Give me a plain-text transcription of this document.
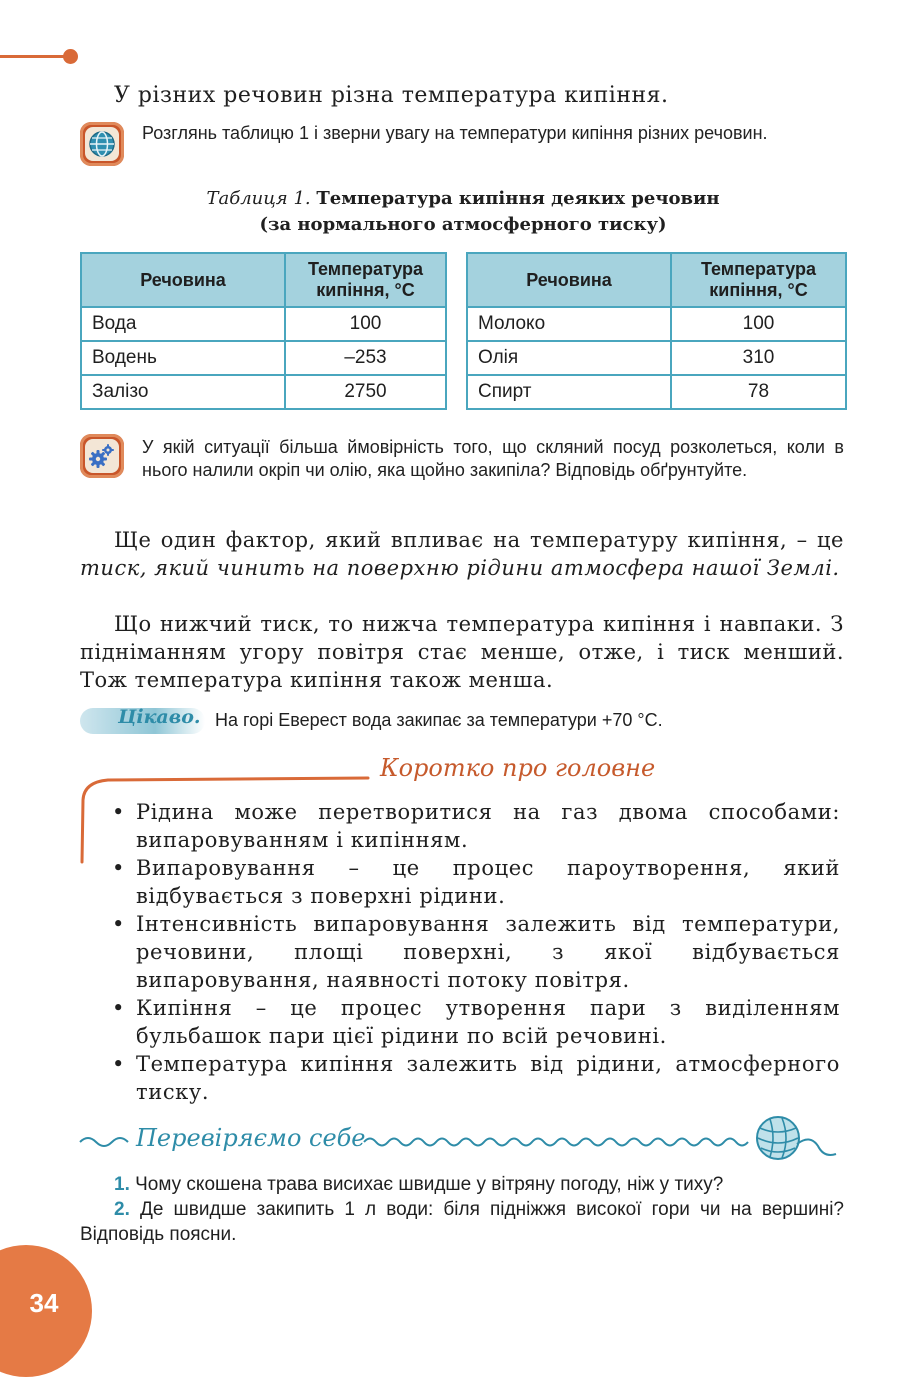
У різних речовин різна температура кипіння.
Розглянь таблицю 1 і зверни увагу на температури кипіння різних речовин.
Таблиця 1. Температура кипіння деяких речовин
(за нормального атмосферного тиску)
Речовина	Температура кипіння, °С
Вода	100
Водень	–253
Залізо	2750
Речовина	Температура кипіння, °С
Молоко	100
Олія	310
Спирт	78
У якій ситуації більша ймовірність того, що скляний посуд розколеться, коли в нього налили окріп чи олію, яка щойно закипіла? Відповідь обґрунтуйте.
Ще один фактор, який впливає на температуру кипіння, – це тиск, який чинить на поверхню рідини атмосфера нашої Землі.
Що нижчий тиск, то нижча температура кипіння і навпаки. З підніманням угору повітря стає менше, отже, і тиск менший. Тож температура кипіння також менша.
Цікаво. На горі Еверест вода закипає за температури +70 °С.
Коротко про головне
• Рідина може перетворитися на газ двома способами: випаровуванням і кипінням.
• Випаровування – це процес пароутворення, який відбувається з поверхні рідини.
• Інтенсивність випаровування залежить від температури, речовини, площі поверхні, з якої відбувається випаровування, наявності потоку повітря.
• Кипіння – це процес утворення пари з виділенням бульбашок пари цієї рідини по всій речовині.
• Температура кипіння залежить від рідини, атмосферного тиску.
Перевіряємо себе
1. Чому скошена трава висихає швидше у вітряну погоду, ніж у тиху?
2. Де швидше закипить 1 л води: біля підніжжя високої гори чи на вершині? Відповідь поясни.
34
